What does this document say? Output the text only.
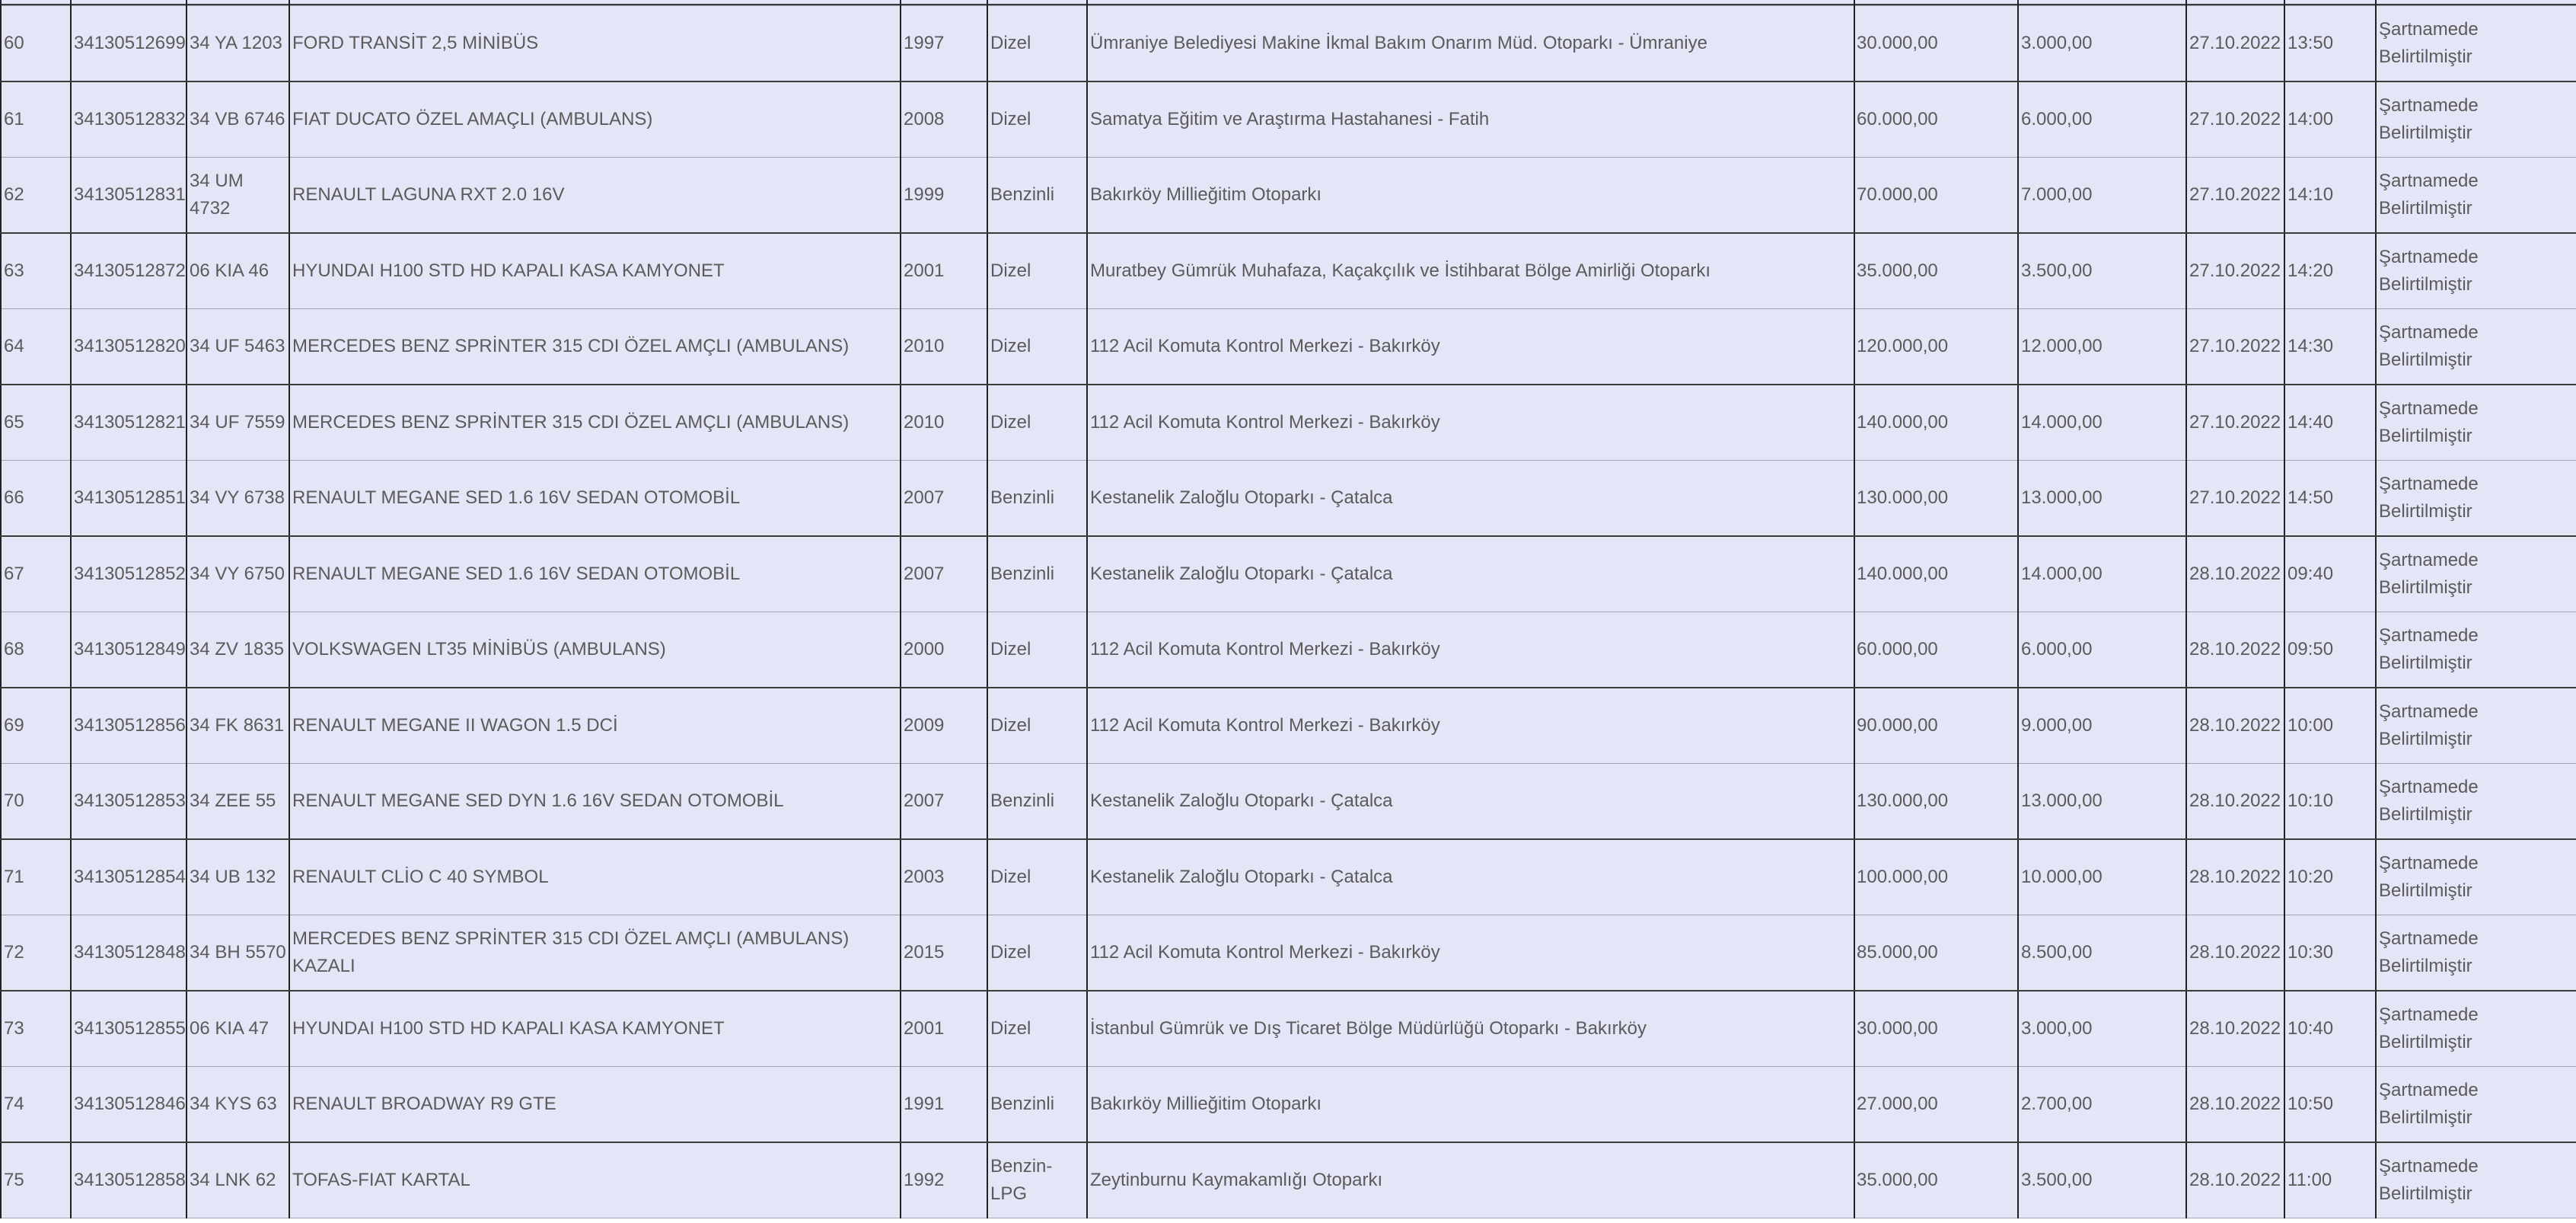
60	34130512699	34 YA 1203	FORD TRANSİT 2,5 MİNİBÜS	1997	Dizel	Ümraniye Belediyesi Makine İkmal Bakım Onarım Müd. Otoparkı - Ümraniye	30.000,00	3.000,00	27.10.2022	13:50	Şartnamede Belirtilmiştir
61	34130512832	34 VB 6746	FIAT DUCATO ÖZEL AMAÇLI (AMBULANS)	2008	Dizel	Samatya Eğitim ve Araştırma Hastahanesi - Fatih	60.000,00	6.000,00	27.10.2022	14:00	Şartnamede Belirtilmiştir
62	34130512831	34 UM 4732	RENAULT LAGUNA RXT 2.0 16V	1999	Benzinli	Bakırköy Millieğitim Otoparkı	70.000,00	7.000,00	27.10.2022	14:10	Şartnamede Belirtilmiştir
63	34130512872	06 KIA 46	HYUNDAI H100 STD HD KAPALI KASA KAMYONET	2001	Dizel	Muratbey Gümrük Muhafaza, Kaçakçılık ve İstihbarat Bölge Amirliği Otoparkı	35.000,00	3.500,00	27.10.2022	14:20	Şartnamede Belirtilmiştir
64	34130512820	34 UF 5463	MERCEDES BENZ SPRİNTER 315 CDI ÖZEL AMÇLI (AMBULANS)	2010	Dizel	112 Acil Komuta Kontrol Merkezi - Bakırköy	120.000,00	12.000,00	27.10.2022	14:30	Şartnamede Belirtilmiştir
65	34130512821	34 UF 7559	MERCEDES BENZ SPRİNTER 315 CDI ÖZEL AMÇLI (AMBULANS)	2010	Dizel	112 Acil Komuta Kontrol Merkezi - Bakırköy	140.000,00	14.000,00	27.10.2022	14:40	Şartnamede Belirtilmiştir
66	34130512851	34 VY 6738	RENAULT MEGANE SED 1.6 16V SEDAN OTOMOBİL	2007	Benzinli	Kestanelik Zaloğlu Otoparkı - Çatalca	130.000,00	13.000,00	27.10.2022	14:50	Şartnamede Belirtilmiştir
67	34130512852	34 VY 6750	RENAULT MEGANE SED 1.6 16V SEDAN OTOMOBİL	2007	Benzinli	Kestanelik Zaloğlu Otoparkı - Çatalca	140.000,00	14.000,00	28.10.2022	09:40	Şartnamede Belirtilmiştir
68	34130512849	34 ZV 1835	VOLKSWAGEN LT35 MİNİBÜS (AMBULANS)	2000	Dizel	112 Acil Komuta Kontrol Merkezi - Bakırköy	60.000,00	6.000,00	28.10.2022	09:50	Şartnamede Belirtilmiştir
69	34130512856	34 FK 8631	RENAULT MEGANE II WAGON 1.5 DCİ	2009	Dizel	112 Acil Komuta Kontrol Merkezi - Bakırköy	90.000,00	9.000,00	28.10.2022	10:00	Şartnamede Belirtilmiştir
70	34130512853	34 ZEE 55	RENAULT MEGANE SED DYN 1.6 16V SEDAN OTOMOBİL	2007	Benzinli	Kestanelik Zaloğlu Otoparkı - Çatalca	130.000,00	13.000,00	28.10.2022	10:10	Şartnamede Belirtilmiştir
71	34130512854	34 UB 132	RENAULT CLİO C 40 SYMBOL	2003	Dizel	Kestanelik Zaloğlu Otoparkı - Çatalca	100.000,00	10.000,00	28.10.2022	10:20	Şartnamede Belirtilmiştir
72	34130512848	34 BH 5570	MERCEDES BENZ SPRİNTER 315 CDI ÖZEL AMÇLI (AMBULANS) KAZALI	2015	Dizel	112 Acil Komuta Kontrol Merkezi - Bakırköy	85.000,00	8.500,00	28.10.2022	10:30	Şartnamede Belirtilmiştir
73	34130512855	06 KIA 47	HYUNDAI H100 STD HD KAPALI KASA KAMYONET	2001	Dizel	İstanbul Gümrük ve Dış Ticaret Bölge Müdürlüğü Otoparkı - Bakırköy	30.000,00	3.000,00	28.10.2022	10:40	Şartnamede Belirtilmiştir
74	34130512846	34 KYS 63	RENAULT BROADWAY R9 GTE	1991	Benzinli	Bakırköy Millieğitim Otoparkı	27.000,00	2.700,00	28.10.2022	10:50	Şartnamede Belirtilmiştir
75	34130512858	34 LNK 62	TOFAS-FIAT KARTAL	1992	Benzin-LPG	Zeytinburnu Kaymakamlığı Otoparkı	35.000,00	3.500,00	28.10.2022	11:00	Şartnamede Belirtilmiştir
